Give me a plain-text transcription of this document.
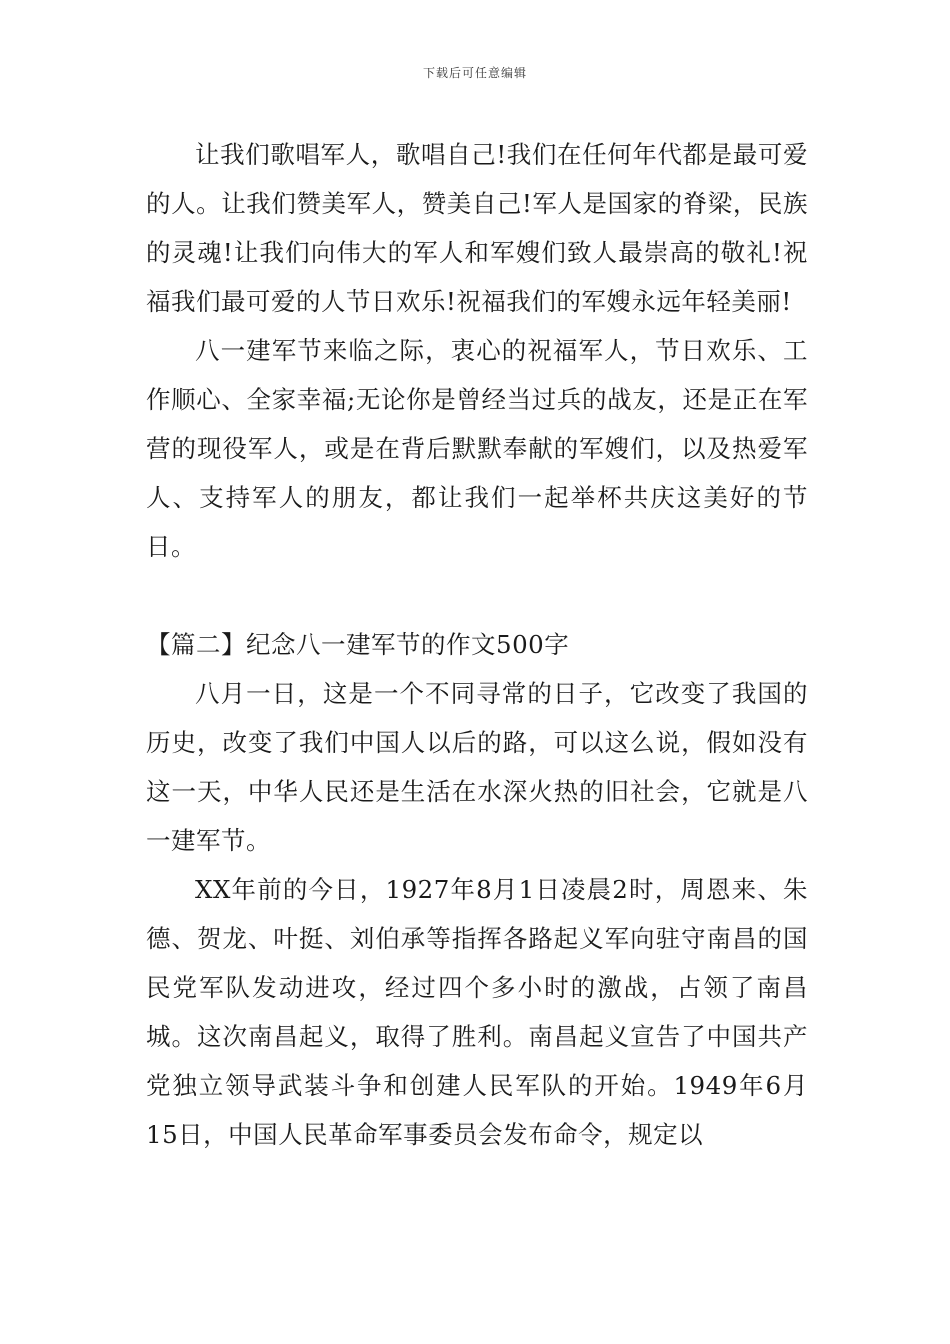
下载后可任意编辑

让我们歌唱军人，歌唱自己!我们在任何年代都是最可爱的人。让我们赞美军人，赞美自己!军人是国家的脊梁，民族的灵魂!让我们向伟大的军人和军嫂们致人最崇高的敬礼!祝福我们最可爱的人节日欢乐!祝福我们的军嫂永远年轻美丽!

八一建军节来临之际，衷心的祝福军人，节日欢乐、工作顺心、全家幸福;无论你是曾经当过兵的战友，还是正在军营的现役军人，或是在背后默默奉献的军嫂们，以及热爱军人、支持军人的朋友，都让我们一起举杯共庆这美好的节日。

【篇二】纪念八一建军节的作文500字

八月一日，这是一个不同寻常的日子，它改变了我国的历史，改变了我们中国人以后的路，可以这么说，假如没有这一天，中华人民还是生活在水深火热的旧社会，它就是八一建军节。

XX年前的今日，1927年8月1日凌晨2时，周恩来、朱德、贺龙、叶挺、刘伯承等指挥各路起义军向驻守南昌的国民党军队发动进攻，经过四个多小时的激战，占领了南昌城。这次南昌起义，取得了胜利。南昌起义宣告了中国共产党独立领导武装斗争和创建人民军队的开始。1949年6月15日，中国人民革命军事委员会发布命令，规定以
